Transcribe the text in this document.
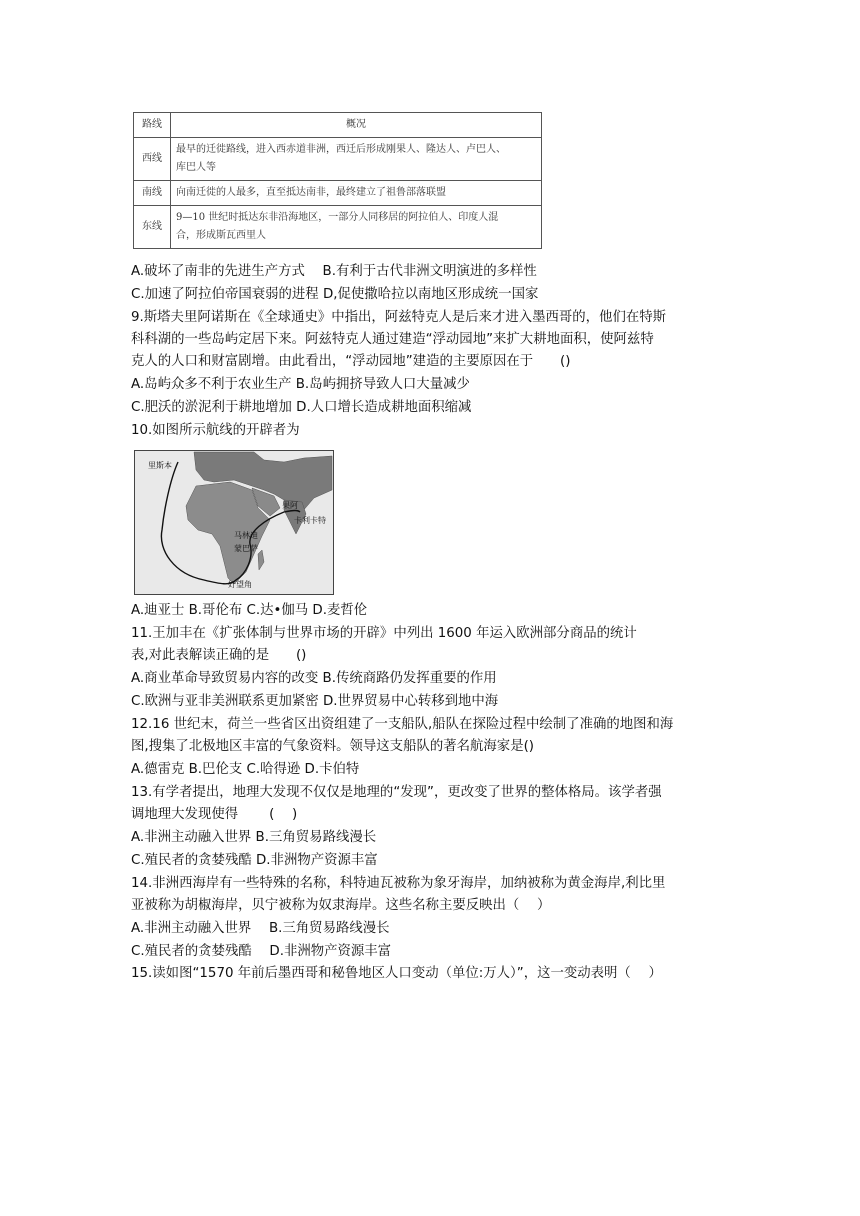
路线	概况
西线	最早的迁徙路线，进入西赤道非洲，西迁后形成刚果人、隆达人、卢巴人、
库巴人等

南线	向南迁徙的人最多，直至抵达南非，最终建立了祖鲁部落联盟

东线	9—10 世纪时抵达东非沿海地区，一部分人同移居的阿拉伯人、印度人混
合，形成斯瓦西里人
A.破坏了南非的先进生产方式　 B.有利于古代非洲文明演进的多样性
C.加速了阿拉伯帝国衰弱的进程 D,促使撒哈拉以南地区形成统一国家
9.斯塔夫里阿诺斯在《全球通史》中指出，阿兹特克人是后来才进入墨西哥的，他们在特斯
科科湖的一些岛屿定居下来。阿兹特克人通过建造“浮动园地”来扩大耕地面积，使阿兹特
克人的人口和财富剧增。由此看出，“浮动园地”建造的主要原因在于　　()
A.岛屿众多不利于农业生产 B.岛屿拥挤导致人口大量减少
C.肥沃的淤泥利于耕地增加 D.人口增长造成耕地面积缩减
10.如图所示航线的开辟者为
里斯本
果阿
卡利卡特
马林迪
蒙巴萨
好望角
A.迪亚士 B.哥伦布 C.达•伽马 D.麦哲伦
11.王加丰在《扩张体制与世界市场的开辟》中列出 1600 年运入欧洲部分商品的统计
表,对此表解读正确的是　　()
A.商业革命导致贸易内容的改变 B.传统商路仍发挥重要的作用
C.欧洲与亚非美洲联系更加紧密 D.世界贸易中心转移到地中海
12.16 世纪末，荷兰一些省区出资组建了一支船队,船队在探险过程中绘制了准确的地图和海
图,搜集了北极地区丰富的气象资料。领导这支船队的著名航海家是()
A.德雷克 B.巴伦支 C.哈得逊 D.卡伯特
13.有学者提出，地理大发现不仅仅是地理的“发现”，更改变了世界的整体格局。该学者强
调地理大发现使得　　 (　 )
A.非洲主动融入世界 B.三角贸易路线漫长
C.殖民者的贪婪残酷 D.非洲物产资源丰富
14.非洲西海岸有一些特殊的名称，科特迪瓦被称为象牙海岸，加纳被称为黄金海岸,利比里
亚被称为胡椒海岸，贝宁被称为奴隶海岸。这些名称主要反映出（　 ）
A.非洲主动融入世界　 B.三角贸易路线漫长
C.殖民者的贪婪残酷　 D.非洲物产资源丰富
15.读如图“1570 年前后墨西哥和秘鲁地区人口变动（单位:万人）”，这一变动表明（　 ）
